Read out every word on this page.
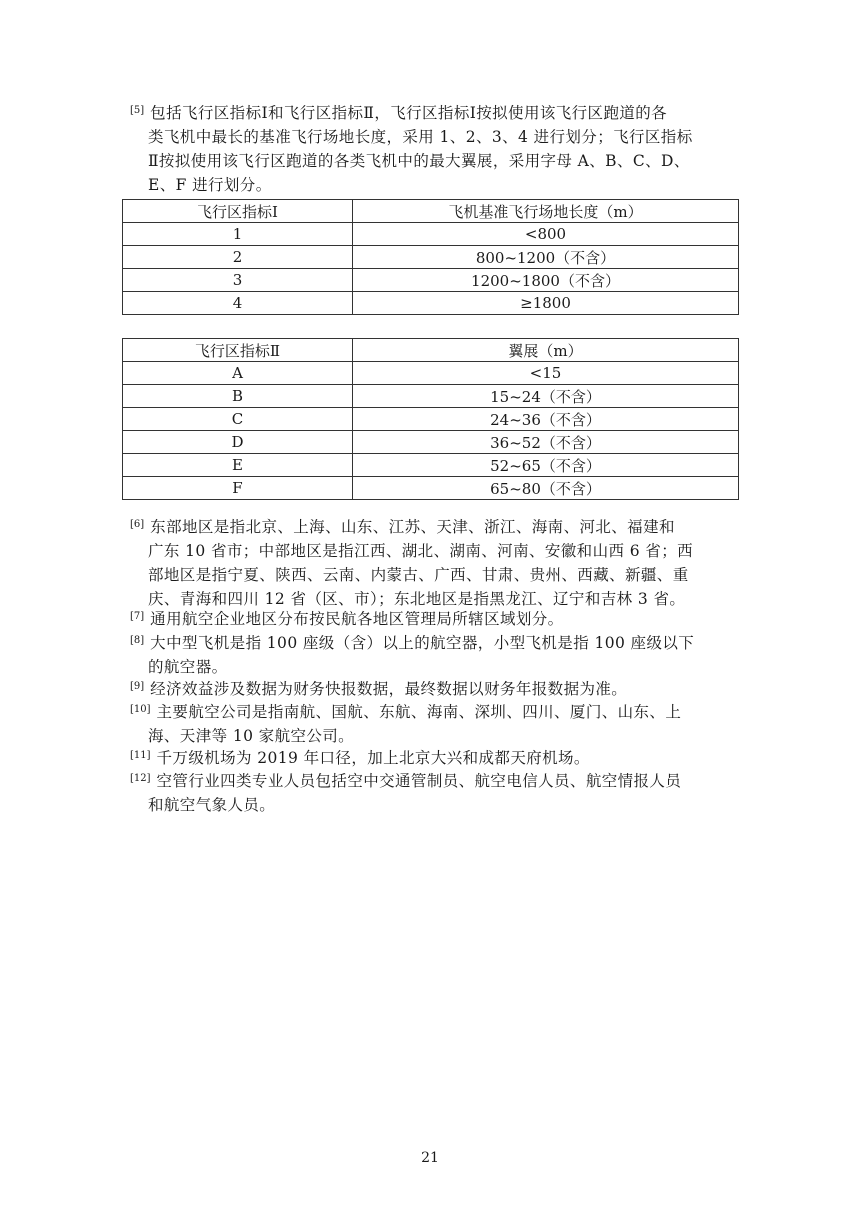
[5] 包括飞行区指标Ⅰ和飞行区指标Ⅱ，飞行区指标Ⅰ按拟使用该飞行区跑道的各
类飞机中最长的基准飞行场地长度，采用 1、2、3、4 进行划分；飞行区指标
Ⅱ按拟使用该飞行区跑道的各类飞机中的最大翼展，采用字母 A、B、C、D、
E、F 进行划分。
飞行区指标Ⅰ	飞机基准飞行场地长度（m）
1	<800
2	800~1200（不含）
3	1200~1800（不含）
4	≥1800
飞行区指标Ⅱ	翼展（m）
A	<15
B	15~24（不含）
C	24~36（不含）
D	36~52（不含）
E	52~65（不含）
F	65~80（不含）
[6] 东部地区是指北京、上海、山东、江苏、天津、浙江、海南、河北、福建和
广东 10 省市；中部地区是指江西、湖北、湖南、河南、安徽和山西 6 省；西
部地区是指宁夏、陕西、云南、内蒙古、广西、甘肃、贵州、西藏、新疆、重
庆、青海和四川 12 省（区、市）；东北地区是指黑龙江、辽宁和吉林 3 省。
[7] 通用航空企业地区分布按民航各地区管理局所辖区域划分。
[8] 大中型飞机是指 100 座级（含）以上的航空器，小型飞机是指 100 座级以下
的航空器。
[9] 经济效益涉及数据为财务快报数据，最终数据以财务年报数据为准。
[10] 主要航空公司是指南航、国航、东航、海南、深圳、四川、厦门、山东、上
海、天津等 10 家航空公司。
[11] 千万级机场为 2019 年口径，加上北京大兴和成都天府机场。
[12] 空管行业四类专业人员包括空中交通管制员、航空电信人员、航空情报人员
和航空气象人员。
21
